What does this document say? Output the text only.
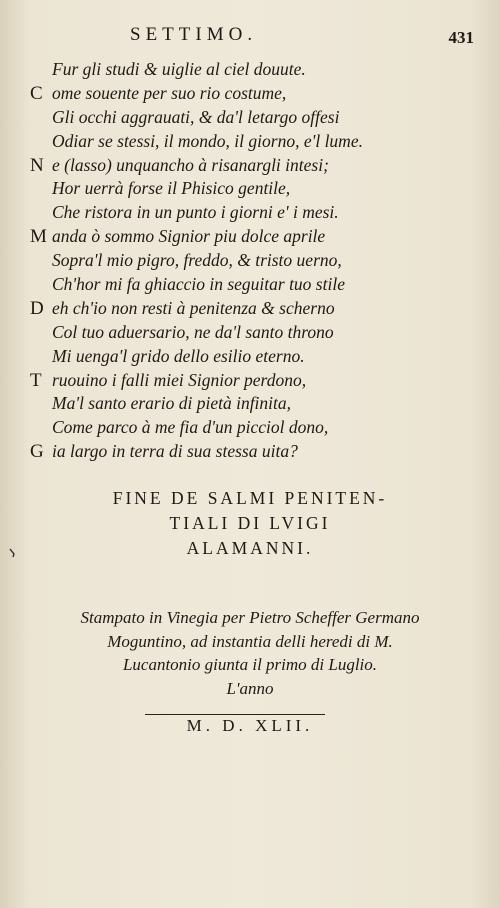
SETTIMO.	431
Fur gli studi & uiglie al ciel douute.
C ome souente per suo rio costume,
Gli occhi aggrauati, & da'l letargo offesi
Odiar se stessi, il mondo, il giorno, e'l lume.
N e (lasso) unquancho à risanargli intesi;
Hor uerrà forse il Phisico gentile,
Che ristora in un punto i giorni e' i mesi.
M anda ò sommo Signior piu dolce aprile
Sopra'l mio pigro, freddo, & tristo uerno,
Ch'hor mi fa ghiaccio in seguitar tuo stile
D eh ch'io non resti à penitenza & scherno
Col tuo aduersario, ne da'l santo throno
Mi uenga'l grido dello esilio eterno.
T ruouino i falli miei Signior perdono,
Ma'l santo erario di pietà infinita,
Come parco à me fia d'un picciol dono,
G ia largo in terra di sua stessa uita?
FINE DE SALMI PENITEN-
TIALI DI LVIGI
ALAMANNI.
Stampato in Vinegia per Pietro Scheffer Germano
Moguntino, ad instantia delli heredi di M.
Lucantonio giunta il primo di Luglio.
L'anno
M. D. XLII.
